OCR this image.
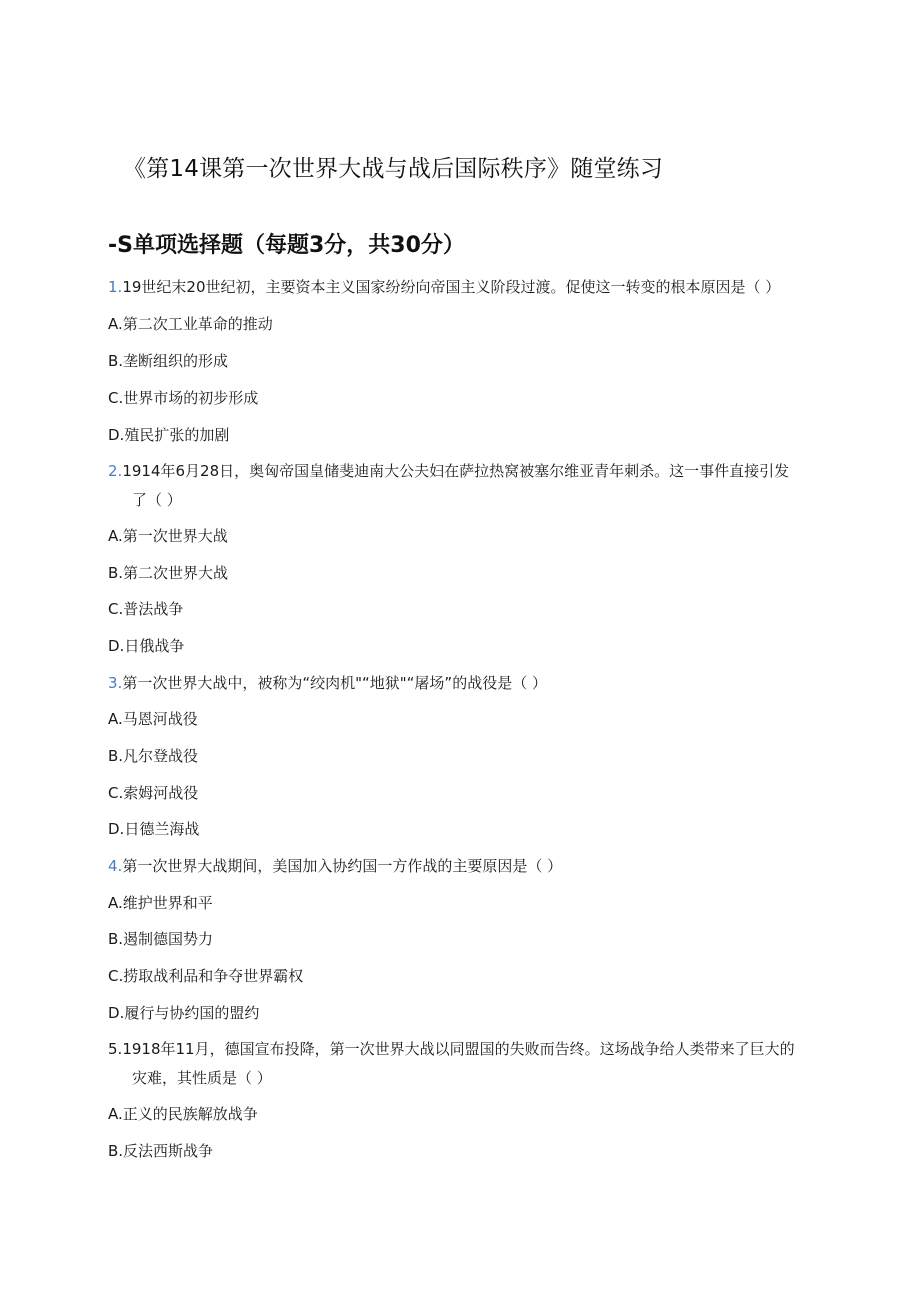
《第14课第一次世界大战与战后国际秩序》随堂练习
-S单项选择题（每题3分，共30分）
1.19世纪末20世纪初，主要资本主义国家纷纷向帝国主义阶段过渡。促使这一转变的根本原因是（ ）
A.第二次工业革命的推动
B.垄断组织的形成
C.世界市场的初步形成
D.殖民扩张的加剧
2.1914年6月28日，奥匈帝国皇储斐迪南大公夫妇在萨拉热窝被塞尔维亚青年刺杀。这一事件直接引发
了（ ）
A.第一次世界大战
B.第二次世界大战
C.普法战争
D.日俄战争
3.第一次世界大战中，被称为“绞肉机"“地狱"“屠场”的战役是（ ）
A.马恩河战役
B.凡尔登战役
C.索姆河战役
D.日德兰海战
4.第一次世界大战期间，美国加入协约国一方作战的主要原因是（ ）
A.维护世界和平
B.遏制德国势力
C.捞取战利品和争夺世界霸权
D.履行与协约国的盟约
5.1918年11月，德国宣布投降，第一次世界大战以同盟国的失败而告终。这场战争给人类带来了巨大的
灾难，其性质是（ ）
A.正义的民族解放战争
B.反法西斯战争
